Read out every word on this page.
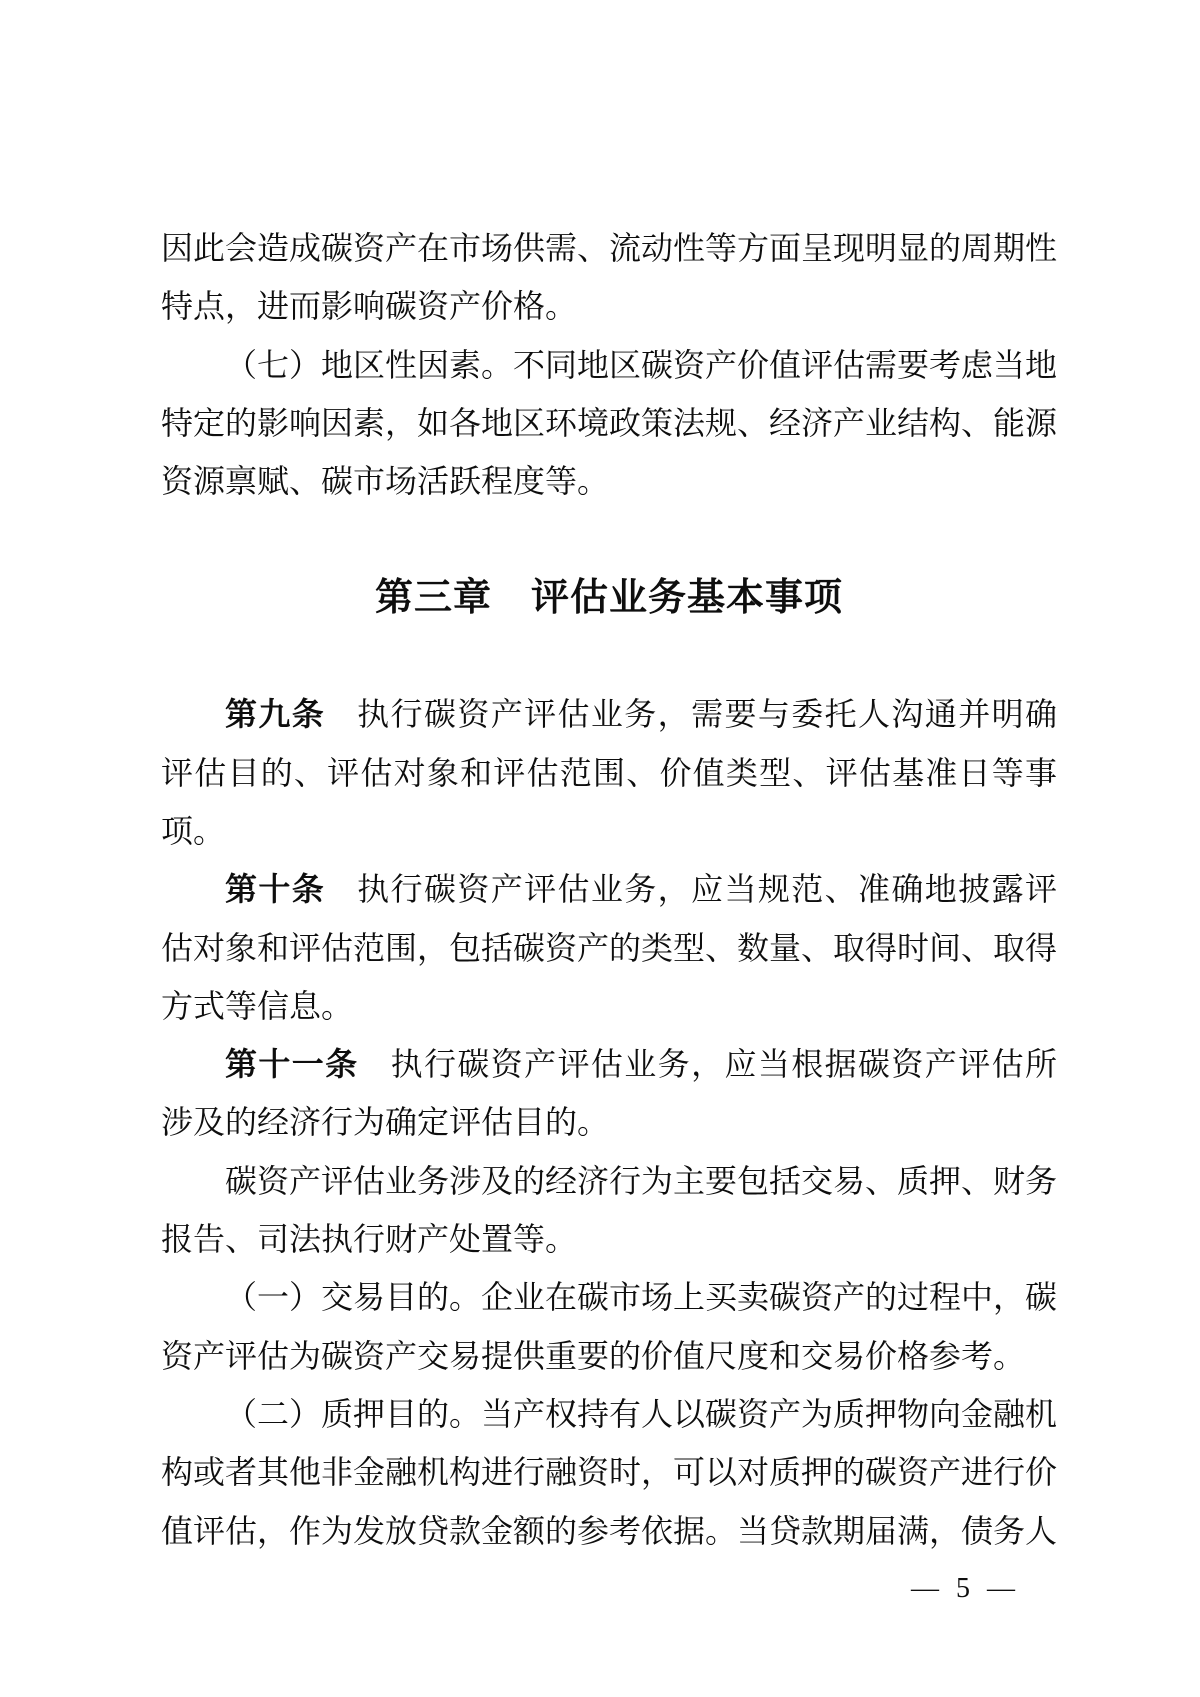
因此会造成碳资产在市场供需、流动性等方面呈现明显的周期性特点，进而影响碳资产价格。

（七）地区性因素。不同地区碳资产价值评估需要考虑当地特定的影响因素，如各地区环境政策法规、经济产业结构、能源资源禀赋、碳市场活跃程度等。

第三章　评估业务基本事项

第九条 执行碳资产评估业务，需要与委托人沟通并明确评估目的、评估对象和评估范围、价值类型、评估基准日等事项。

第十条 执行碳资产评估业务，应当规范、准确地披露评估对象和评估范围，包括碳资产的类型、数量、取得时间、取得方式等信息。

第十一条 执行碳资产评估业务，应当根据碳资产评估所涉及的经济行为确定评估目的。

碳资产评估业务涉及的经济行为主要包括交易、质押、财务报告、司法执行财产处置等。

（一）交易目的。企业在碳市场上买卖碳资产的过程中，碳资产评估为碳资产交易提供重要的价值尺度和交易价格参考。

（二）质押目的。当产权持有人以碳资产为质押物向金融机构或者其他非金融机构进行融资时，可以对质押的碳资产进行价值评估，作为发放贷款金额的参考依据。当贷款期届满，债务人

— 5 —
